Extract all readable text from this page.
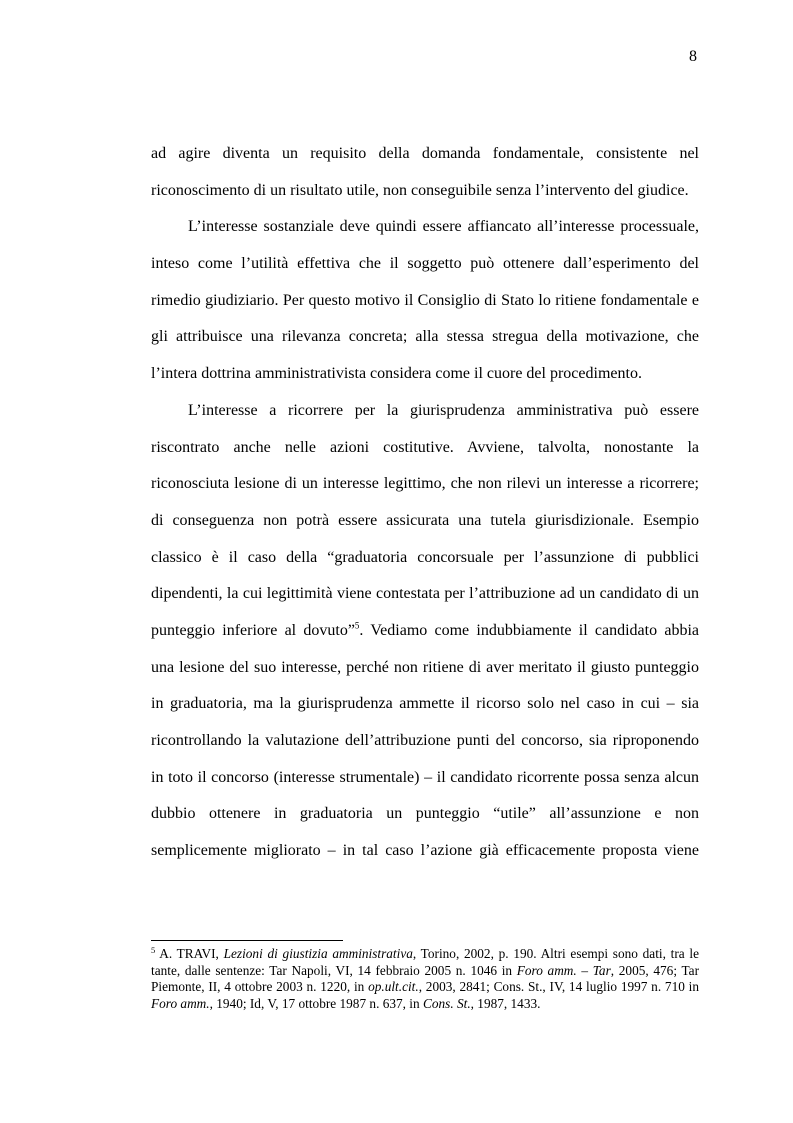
8
ad agire diventa un requisito della domanda fondamentale, consistente nel
riconoscimento di un risultato utile, non conseguibile senza l’intervento del giudice.
L’interesse sostanziale deve quindi essere affiancato all’interesse processuale,
inteso come l’utilità effettiva che il soggetto può ottenere dall’esperimento del
rimedio giudiziario. Per questo motivo il Consiglio di Stato lo ritiene fondamentale e
gli attribuisce una rilevanza concreta; alla stessa stregua della motivazione, che
l’intera dottrina amministrativista considera come il cuore del procedimento.
L’interesse a ricorrere per la giurisprudenza amministrativa può essere
riscontrato anche nelle azioni costitutive. Avviene, talvolta, nonostante la
riconosciuta lesione di un interesse legittimo, che non rilevi un interesse a ricorrere;
di conseguenza non potrà essere assicurata una tutela giurisdizionale. Esempio
classico è il caso della “graduatoria concorsuale per l’assunzione di pubblici
dipendenti, la cui legittimità viene contestata per l’attribuzione ad un candidato di un
punteggio inferiore al dovuto”$^5$. Vediamo come indubbiamente il candidato abbia
una lesione del suo interesse, perché non ritiene di aver meritato il giusto punteggio
in graduatoria, ma la giurisprudenza ammette il ricorso solo nel caso in cui – sia
ricontrollando la valutazione dell’attribuzione punti del concorso, sia riproponendo
in toto il concorso (interesse strumentale) – il candidato ricorrente possa senza alcun
dubbio ottenere in graduatoria un punteggio “utile” all’assunzione e non
semplicemente migliorato – in tal caso l’azione già efficacemente proposta viene
$^5$ A. TRAVI, Lezioni di giustizia amministrativa, Torino, 2002, p. 190. Altri esempi sono dati, tra le
tante, dalle sentenze: Tar Napoli, VI, 14 febbraio 2005 n. 1046 in Foro amm. – Tar, 2005, 476; Tar
Piemonte, II, 4 ottobre 2003 n. 1220, in op.ult.cit., 2003, 2841; Cons. St., IV, 14 luglio 1997 n. 710 in
Foro amm., 1940; Id, V, 17 ottobre 1987 n. 637, in Cons. St., 1987, 1433.
